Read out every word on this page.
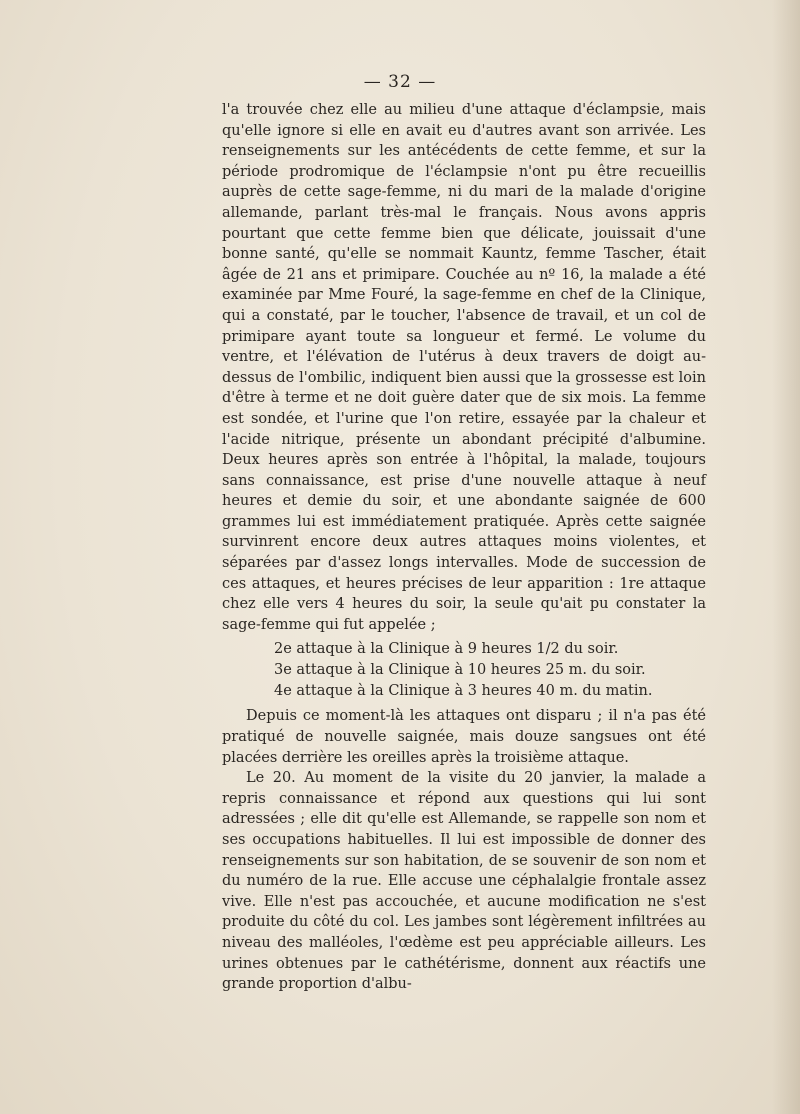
— 32 —

l'a trouvée chez elle au milieu d'une attaque d'éclampsie, mais qu'elle ignore si elle en avait eu d'autres avant son arrivée. Les renseignements sur les antécédents de cette femme, et sur la période prodromique de l'éclampsie n'ont pu être recueillis auprès de cette sage-femme, ni du mari de la malade d'origine allemande, parlant très-mal le français. Nous avons appris pourtant que cette femme bien que délicate, jouissait d'une bonne santé, qu'elle se nommait Kauntz, femme Tascher, était âgée de 21 ans et primipare. Couchée au nº 16, la malade a été examinée par Mme Fouré, la sage-femme en chef de la Clinique, qui a constaté, par le toucher, l'absence de travail, et un col de primipare ayant toute sa longueur et fermé. Le volume du ventre, et l'élévation de l'utérus à deux travers de doigt au-dessus de l'ombilic, indiquent bien aussi que la grossesse est loin d'être à terme et ne doit guère dater que de six mois. La femme est sondée, et l'urine que l'on retire, essayée par la chaleur et l'acide nitrique, présente un abondant précipité d'albumine. Deux heures après son entrée à l'hôpital, la malade, toujours sans connaissance, est prise d'une nouvelle attaque à neuf heures et demie du soir, et une abondante saignée de 600 grammes lui est immédiatement pratiquée. Après cette saignée survinrent encore deux autres attaques moins violentes, et séparées par d'assez longs intervalles. Mode de succession de ces attaques, et heures précises de leur apparition : 1re attaque chez elle vers 4 heures du soir, la seule qu'ait pu constater la sage-femme qui fut appelée ;

2e attaque à la Clinique à 9 heures 1/2 du soir.
3e attaque à la Clinique à 10 heures 25 m. du soir.
4e attaque à la Clinique à 3 heures 40 m. du matin.

Depuis ce moment-là les attaques ont disparu ; il n'a pas été pratiqué de nouvelle saignée, mais douze sangsues ont été placées derrière les oreilles après la troisième attaque.

Le 20. Au moment de la visite du 20 janvier, la malade a repris connaissance et répond aux questions qui lui sont adressées ; elle dit qu'elle est Allemande, se rappelle son nom et ses occupations habituelles. Il lui est impossible de donner des renseignements sur son habitation, de se souvenir de son nom et du numéro de la rue. Elle accuse une céphalalgie frontale assez vive. Elle n'est pas accouchée, et aucune modification ne s'est produite du côté du col. Les jambes sont légèrement infiltrées au niveau des malléoles, l'œdème est peu appréciable ailleurs. Les urines obtenues par le cathétérisme, donnent aux réactifs une grande proportion d'albu-
